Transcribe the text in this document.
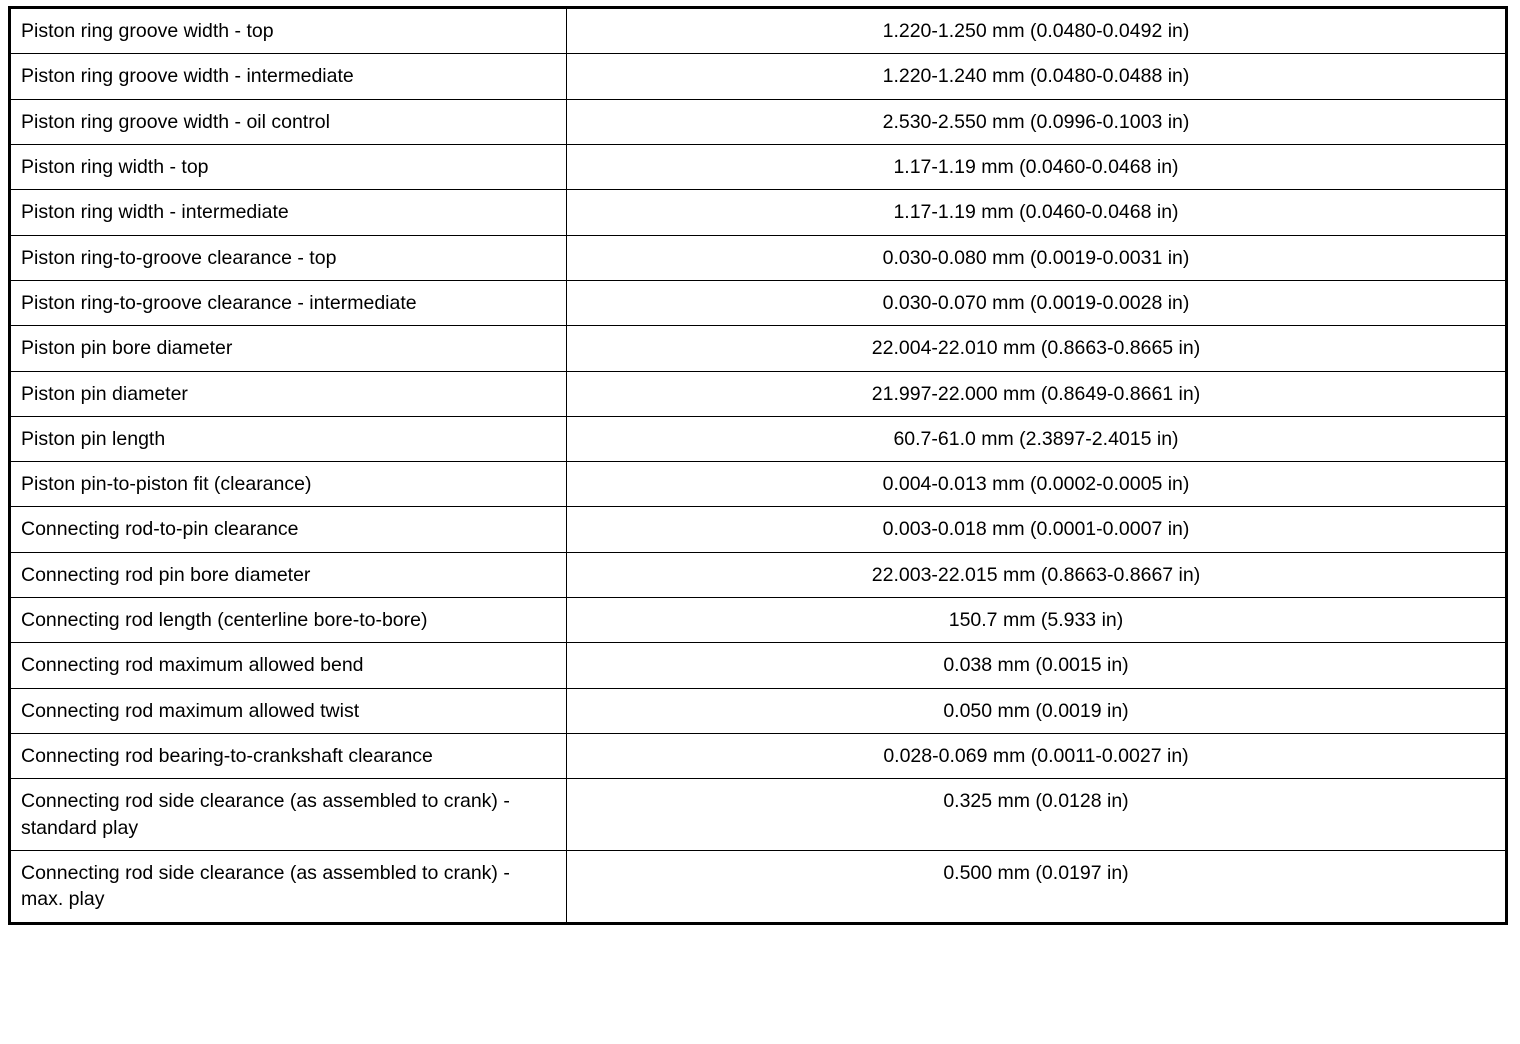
Piston ring groove width - top	1.220-1.250 mm (0.0480-0.0492 in)
Piston ring groove width - intermediate	1.220-1.240 mm (0.0480-0.0488 in)
Piston ring groove width - oil control	2.530-2.550 mm (0.0996-0.1003 in)
Piston ring width - top	1.17-1.19 mm (0.0460-0.0468 in)
Piston ring width - intermediate	1.17-1.19 mm (0.0460-0.0468 in)
Piston ring-to-groove clearance - top	0.030-0.080 mm (0.0019-0.0031 in)
Piston ring-to-groove clearance - intermediate	0.030-0.070 mm (0.0019-0.0028 in)
Piston pin bore diameter	22.004-22.010 mm (0.8663-0.8665 in)
Piston pin diameter	21.997-22.000 mm (0.8649-0.8661 in)
Piston pin length	60.7-61.0 mm (2.3897-2.4015 in)
Piston pin-to-piston fit (clearance)	0.004-0.013 mm (0.0002-0.0005 in)
Connecting rod-to-pin clearance	0.003-0.018 mm (0.0001-0.0007 in)
Connecting rod pin bore diameter	22.003-22.015 mm (0.8663-0.8667 in)
Connecting rod length (centerline bore-to-bore)	150.7 mm (5.933 in)
Connecting rod maximum allowed bend	0.038 mm (0.0015 in)
Connecting rod maximum allowed twist	0.050 mm (0.0019 in)
Connecting rod bearing-to-crankshaft clearance	0.028-0.069 mm (0.0011-0.0027 in)
Connecting rod side clearance (as assembled to crank) - standard play	0.325 mm (0.0128 in)
Connecting rod side clearance (as assembled to crank) - max. play	0.500 mm (0.0197 in)
